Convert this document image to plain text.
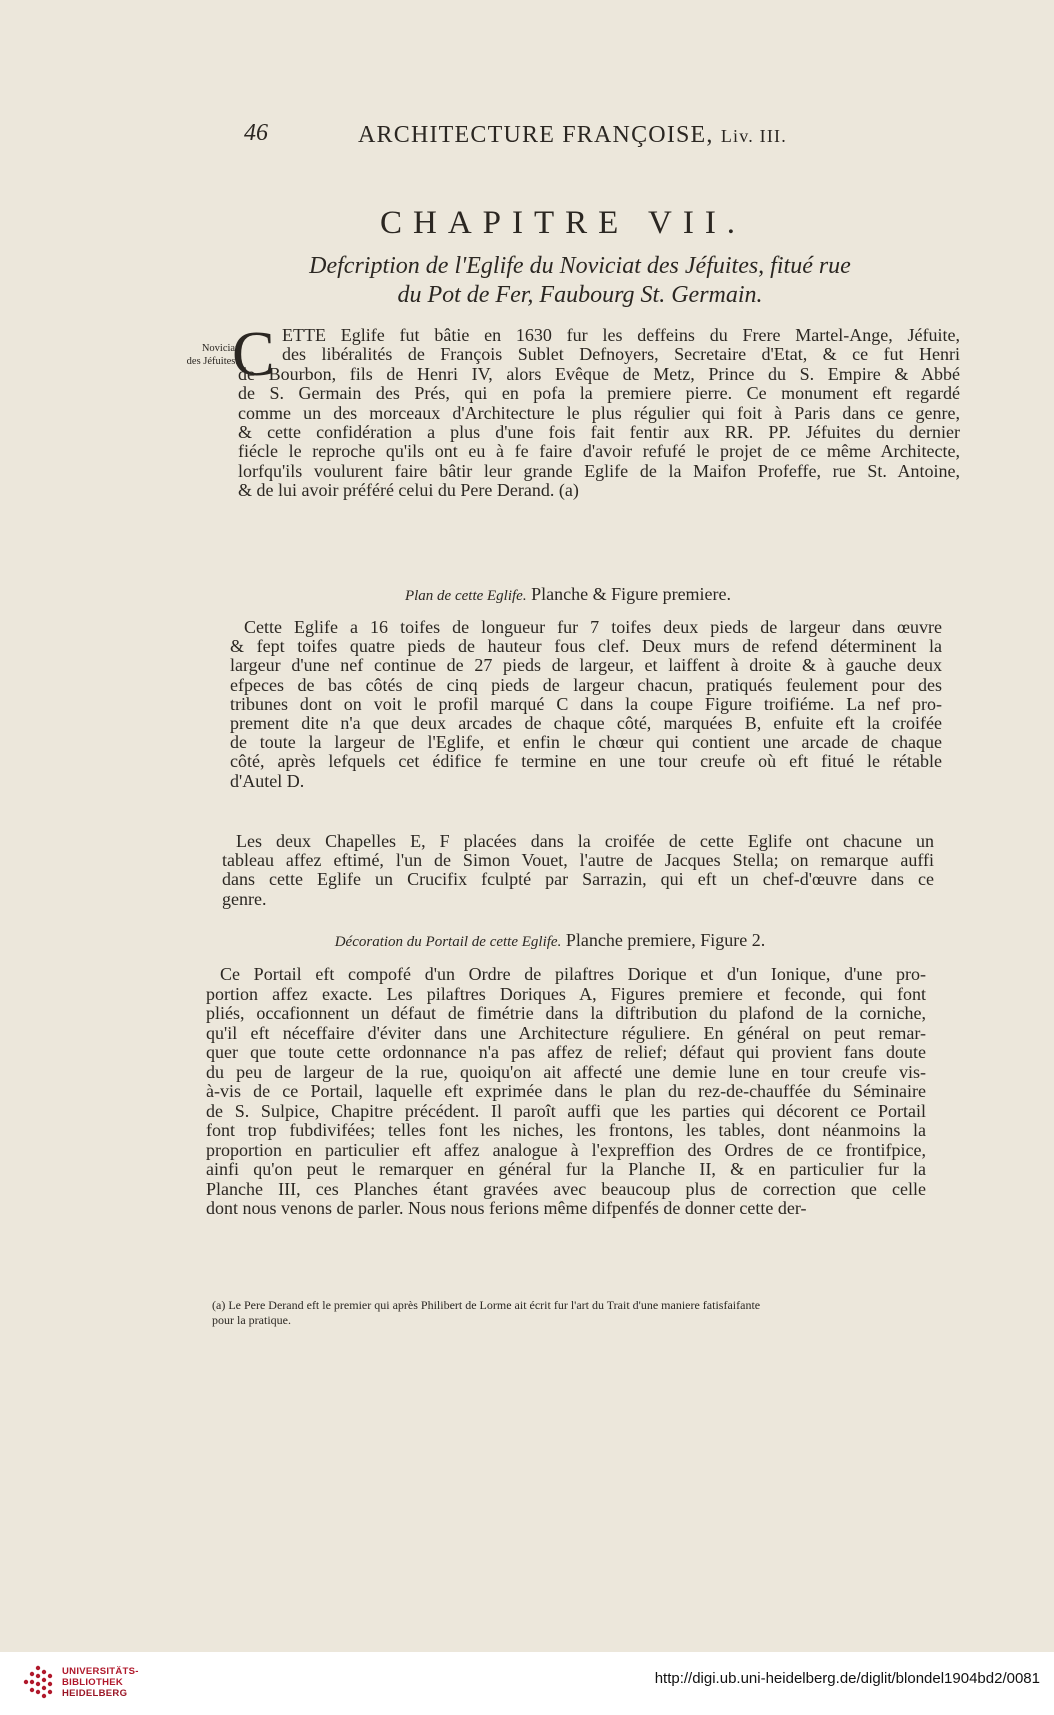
46	ARCHITECTURE FRANÇOISE, Liv. III.
CHAPITRE VII.
Defcription de l'Eglife du Noviciat des Jéfuites, fitué rue
du Pot de Fer, Faubourg St. Germain.
Noviciat
des Jéfuites.
C ETTE Eglife fut bâtie en 1630 fur les deffeins du Frere Martel-Ange, Jéfuite,
des libéralités de François Sublet Defnoyers, Secretaire d'Etat, & ce fut Henri
de Bourbon, fils de Henri IV, alors Evêque de Metz, Prince du S. Empire & Abbé
de S. Germain des Prés, qui en pofa la premiere pierre. Ce monument eft regardé
comme un des morceaux d'Architecture le plus régulier qui foit à Paris dans ce genre,
& cette confidération a plus d'une fois fait fentir aux RR. PP. Jéfuites du dernier
fiécle le reproche qu'ils ont eu à fe faire d'avoir refufé le projet de ce même Architecte,
lorfqu'ils voulurent faire bâtir leur grande Eglife de la Maifon Profeffe, rue St. Antoine,
& de lui avoir préféré celui du Pere Derand. (a)
Plan de cette Eglife. Planche & Figure premiere.
Cette Eglife a 16 toifes de longueur fur 7 toifes deux pieds de largeur dans œuvre
& fept toifes quatre pieds de hauteur fous clef. Deux murs de refend déterminent la
largeur d'une nef continue de 27 pieds de largeur, et laiffent à droite & à gauche deux
efpeces de bas côtés de cinq pieds de largeur chacun, pratiqués feulement pour des
tribunes dont on voit le profil marqué C dans la coupe Figure troifiéme. La nef pro-
prement dite n'a que deux arcades de chaque côté, marquées B, enfuite eft la croifée
de toute la largeur de l'Eglife, et enfin le chœur qui contient une arcade de chaque
côté, après lefquels cet édifice fe termine en une tour creufe où eft fitué le rétable
d'Autel D.
Les deux Chapelles E, F placées dans la croifée de cette Eglife ont chacune un
tableau affez eftimé, l'un de Simon Vouet, l'autre de Jacques Stella; on remarque auffi
dans cette Eglife un Crucifix fculpté par Sarrazin, qui eft un chef-d'œuvre dans ce
genre.
Décoration du Portail de cette Eglife. Planche premiere, Figure 2.
Ce Portail eft compofé d'un Ordre de pilaftres Dorique et d'un Ionique, d'une pro-
portion affez exacte. Les pilaftres Doriques A, Figures premiere et feconde, qui font
pliés, occafionnent un défaut de fimétrie dans la diftribution du plafond de la corniche,
qu'il eft néceffaire d'éviter dans une Architecture réguliere. En général on peut remar-
quer que toute cette ordonnance n'a pas affez de relief; défaut qui provient fans doute
du peu de largeur de la rue, quoiqu'on ait affecté une demie lune en tour creufe vis-
à-vis de ce Portail, laquelle eft exprimée dans le plan du rez-de-chauffée du Séminaire
de S. Sulpice, Chapitre précédent. Il paroît auffi que les parties qui décorent ce Portail
font trop fubdivifées; telles font les niches, les frontons, les tables, dont néanmoins la
proportion en particulier eft affez analogue à l'expreffion des Ordres de ce frontifpice,
ainfi qu'on peut le remarquer en général fur la Planche II, & en particulier fur la
Planche III, ces Planches étant gravées avec beaucoup plus de correction que celle
dont nous venons de parler. Nous nous ferions même difpenfés de donner cette der-
(a) Le Pere Derand eft le premier qui après Philibert de Lorme ait écrit fur l'art du Trait d'une maniere fatisfaifante
pour la pratique.
UNIVERSITÄTS-
BIBLIOTHEK
HEIDELBERG
http://digi.ub.uni-heidelberg.de/diglit/blondel1904bd2/0081
